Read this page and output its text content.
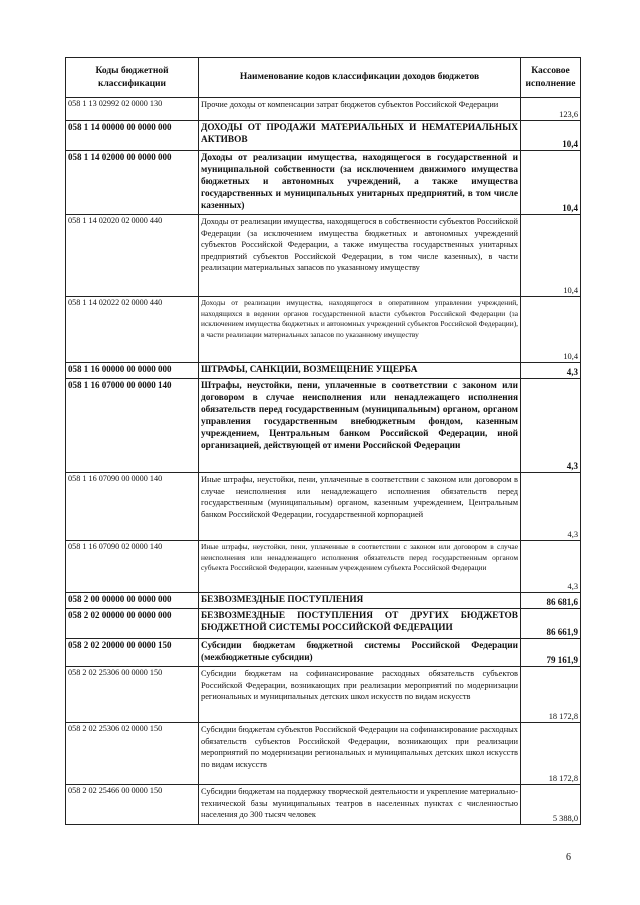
Коды бюджетной классификации	Наименование кодов классификации доходов бюджетов	Кассовое исполнение
058 1 13 02992 02 0000 130	Прочие доходы от компенсации затрат бюджетов субъектов Российской Федерации	123,6
058 1 14 00000 00 0000 000	ДОХОДЫ ОТ ПРОДАЖИ МАТЕРИАЛЬНЫХ И НЕМАТЕРИАЛЬНЫХ АКТИВОВ	10,4
058 1 14 02000 00 0000 000	Доходы от реализации имущества, находящегося в государственной и муниципальной собственности (за исключением движимого имущества бюджетных и автономных учреждений, а также имущества государственных и муниципальных унитарных предприятий, в том числе казенных)	10,4
058 1 14 02020 02 0000 440	Доходы от реализации имущества, находящегося в собственности субъектов Российской Федерации (за исключением имущества бюджетных и автономных учреждений субъектов Российской Федерации, а также имущества государственных унитарных предприятий субъектов Российской Федерации, в том числе казенных), в части реализации материальных запасов по указанному имуществу	10,4
058 1 14 02022 02 0000 440	Доходы от реализации имущества, находящегося в оперативном управлении учреждений, находящихся в ведении органов государственной власти субъектов Российской Федерации (за исключением имущества бюджетных и автономных учреждений субъектов Российской Федерации), в части реализации материальных запасов по указанному имуществу	10,4
058 1 16 00000 00 0000 000	ШТРАФЫ, САНКЦИИ, ВОЗМЕЩЕНИЕ УЩЕРБА	4,3
058 1 16 07000 00 0000 140	Штрафы, неустойки, пени, уплаченные в соответствии с законом или договором в случае неисполнения или ненадлежащего исполнения обязательств перед государственным (муниципальным) органом, органом управления государственным внебюджетным фондом, казенным учреждением, Центральным банком Российской Федерации, иной организацией, действующей от имени Российской Федерации	4,3
058 1 16 07090 00 0000 140	Иные штрафы, неустойки, пени, уплаченные в соответствии с законом или договором в случае неисполнения или ненадлежащего исполнения обязательств перед государственным (муниципальным) органом, казенным учреждением, Центральным банком Российской Федерации, государственной корпорацией	4,3
058 1 16 07090 02 0000 140	Иные штрафы, неустойки, пени, уплаченные в соответствии с законом или договором в случае неисполнения или ненадлежащего исполнения обязательств перед государственным органом субъекта Российской Федерации, казенным учреждением субъекта Российской Федерации	4,3
058 2 00 00000 00 0000 000	БЕЗВОЗМЕЗДНЫЕ ПОСТУПЛЕНИЯ	86 681,6
058 2 02 00000 00 0000 000	БЕЗВОЗМЕЗДНЫЕ ПОСТУПЛЕНИЯ ОТ ДРУГИХ БЮДЖЕТОВ БЮДЖЕТНОЙ СИСТЕМЫ РОССИЙСКОЙ ФЕДЕРАЦИИ	86 661,9
058 2 02 20000 00 0000 150	Субсидии бюджетам бюджетной системы Российской Федерации (межбюджетные субсидии)	79 161,9
058 2 02 25306 00 0000 150	Субсидии бюджетам на софинансирование расходных обязательств субъектов Российской Федерации, возникающих при реализации мероприятий по модернизации региональных и муниципальных детских школ искусств по видам искусств	18 172,8
058 2 02 25306 02 0000 150	Субсидии бюджетам субъектов Российской Федерации на софинансирование расходных обязательств субъектов Российской Федерации, возникающих при реализации мероприятий по модернизации региональных и муниципальных детских школ искусств по видам искусств	18 172,8
058 2 02 25466 00 0000 150	Субсидии бюджетам на поддержку творческой деятельности и укрепление материально-технической базы муниципальных театров в населенных пунктах с численностью населения до 300 тысяч человек	5 388,0
6
